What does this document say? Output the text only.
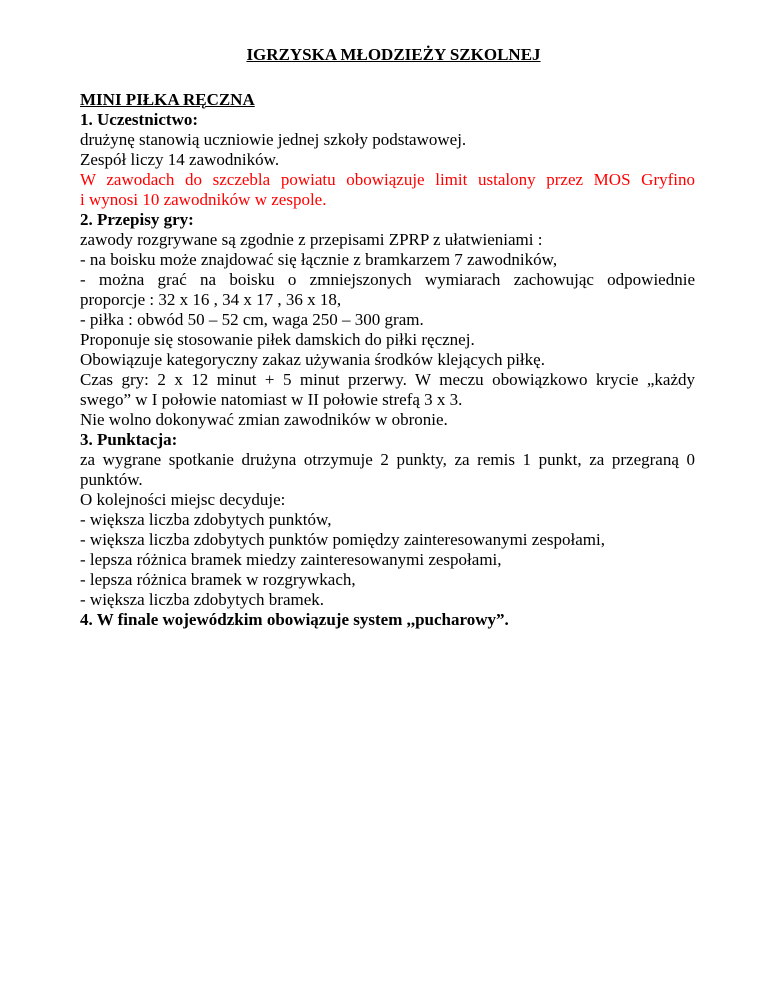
IGRZYSKA MŁODZIEŻY SZKOLNEJ

MINI PIŁKA RĘCZNA

1. Uczestnictwo:

drużynę stanowią uczniowie jednej szkoły podstawowej.

Zespół liczy 14 zawodników.

W zawodach do szczebla powiatu obowiązuje limit ustalony przez MOS Gryfino

i wynosi 10 zawodników w zespole.

2. Przepisy gry:

zawody rozgrywane są zgodnie z przepisami ZPRP z ułatwieniami :

- na boisku może znajdować się łącznie z bramkarzem 7 zawodników,

- można grać na boisku o zmniejszonych wymiarach zachowując odpowiednie

proporcje : 32 x 16 , 34 x 17 , 36 x 18,

- piłka : obwód 50 – 52 cm, waga 250 – 300 gram.

Proponuje się stosowanie piłek damskich do piłki ręcznej.

Obowiązuje kategoryczny zakaz używania środków klejących piłkę.

Czas gry: 2 x 12 minut + 5 minut przerwy. W meczu obowiązkowo krycie „każdy

swego” w I połowie natomiast w II połowie strefą 3 x 3.

Nie wolno dokonywać zmian zawodników w obronie.

3. Punktacja:

za wygrane spotkanie drużyna otrzymuje 2 punkty, za remis 1 punkt, za przegraną 0

punktów.

O kolejności miejsc decyduje:

- większa liczba zdobytych punktów,

- większa liczba zdobytych punktów pomiędzy zainteresowanymi zespołami,

- lepsza różnica bramek miedzy zainteresowanymi zespołami,

- lepsza różnica bramek w rozgrywkach,

- większa liczba zdobytych bramek.

4. W finale wojewódzkim obowiązuje system ,,pucharowy”.
